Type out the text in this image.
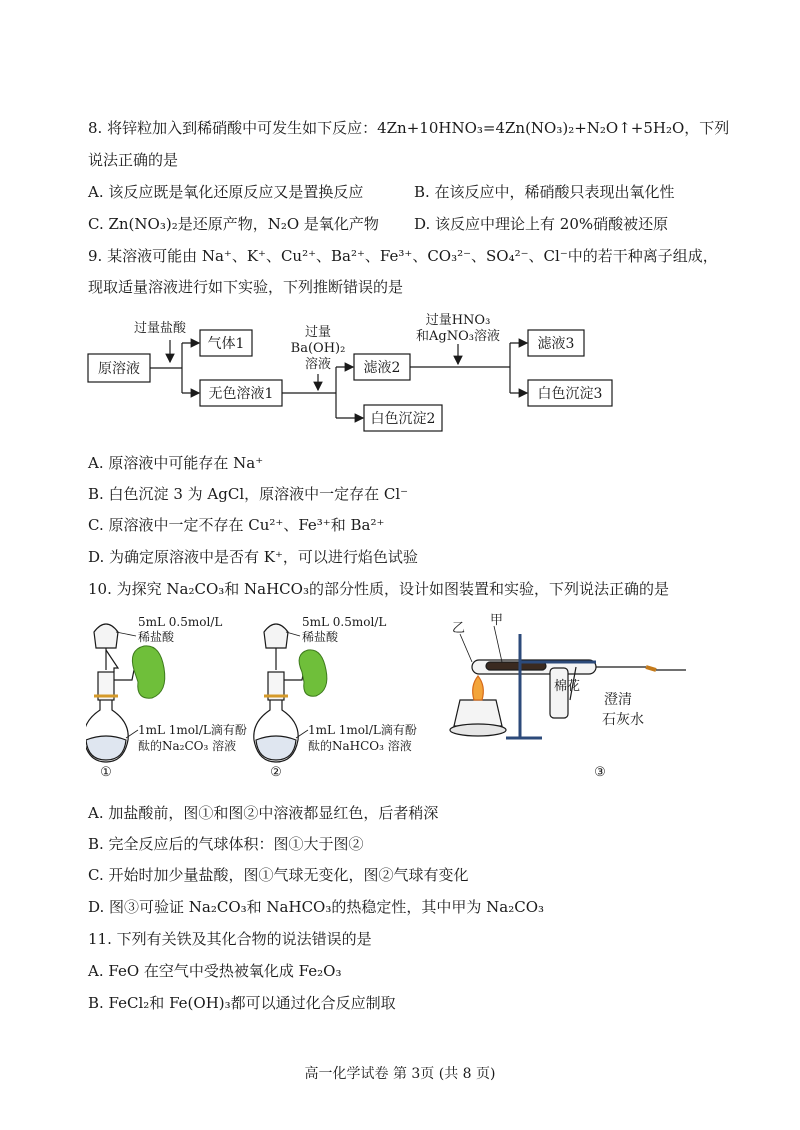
8. 将锌粒加入到稀硝酸中可发生如下反应：4Zn+10HNO₃=4Zn(NO₃)₂+N₂O↑+5H₂O，下列
说法正确的是
A. 该反应既是氧化还原反应又是置换反应	B. 在该反应中，稀硝酸只表现出氧化性
C. Zn(NO₃)₂是还原产物，N₂O 是氧化产物 D. 该反应中理论上有 20%硝酸被还原
9. 某溶液可能由 Na⁺、K⁺、Cu²⁺、Ba²⁺、Fe³⁺、CO₃²⁻、SO₄²⁻、Cl⁻中的若干种离子组成，
现取适量溶液进行如下实验，下列推断错误的是
原溶液
过量盐酸
气体1
无色溶液1
过量
Ba(OH)₂
溶液 滤液2
白色沉淀2
过量HNO₃
和AgNO₃溶液	滤液3
白色沉淀3
A. 原溶液中可能存在 Na⁺
B. 白色沉淀 3 为 AgCl，原溶液中一定存在 Cl⁻
C. 原溶液中一定不存在 Cu²⁺、Fe³⁺和 Ba²⁺
D. 为确定原溶液中是否有 K⁺，可以进行焰色试验
10. 为探究 Na₂CO₃和 NaHCO₃的部分性质，设计如图装置和实验，下列说法正确的是
5mL 0.5mol/L
稀盐酸
1mL 1mol/L滴有酚
酞的Na₂CO₃ 溶液
①
5mL 0.5mol/L
稀盐酸
1mL 1mol/L滴有酚
酞的NaHCO₃ 溶液
②
乙
甲
棉花
澄清
石灰水
③
A. 加盐酸前，图①和图②中溶液都显红色，后者稍深
B. 完全反应后的气球体积：图①大于图②
C. 开始时加少量盐酸，图①气球无变化，图②气球有变化
D. 图③可验证 Na₂CO₃和 NaHCO₃的热稳定性，其中甲为 Na₂CO₃
11. 下列有关铁及其化合物的说法错误的是
A. FeO 在空气中受热被氧化成 Fe₂O₃
B. FeCl₂和 Fe(OH)₃都可以通过化合反应制取
高一化学试卷 第 3页 (共 8 页)
